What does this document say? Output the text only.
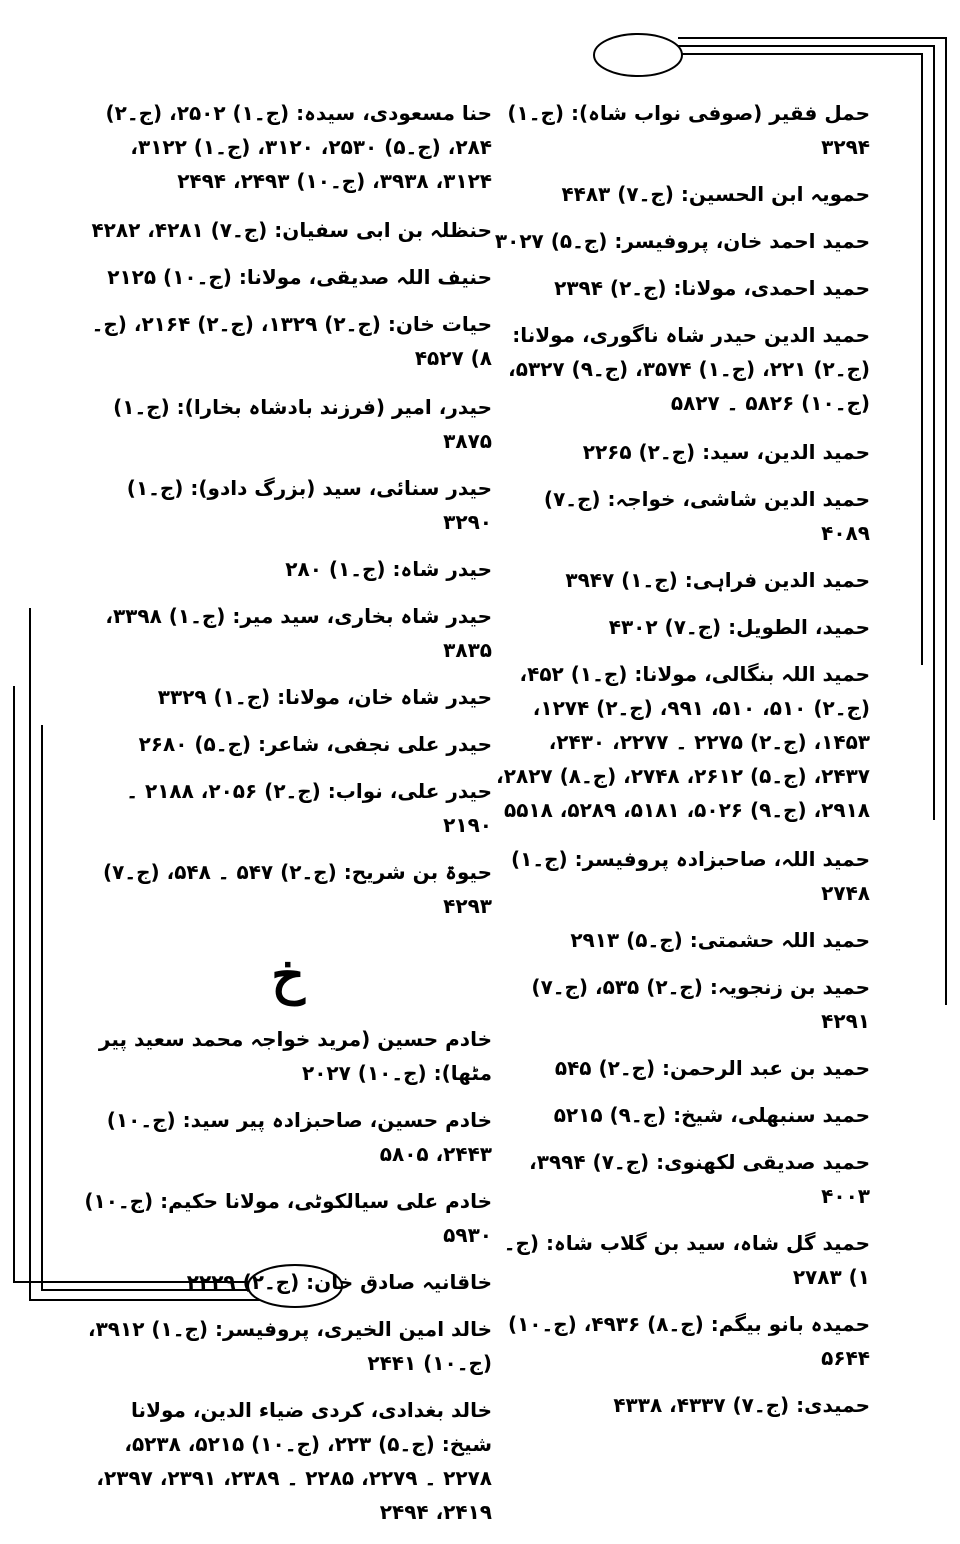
حمل فقیر (صوفی نواب شاہ): (ج۔۱) ۳۲۹۴
حمویہ ابن الحسین: (ج۔۷) ۴۴۸۳
حمید احمد خان، پروفیسر: (ج۔۵) ۳۰۲۷
حمید احمدی، مولانا: (ج۔۲) ۲۳۹۴
حمید الدین حیدر شاہ ناگوری، مولانا: (ج۔۲) ۲۲۱، (ج۔۱) ۳۵۷۴، (ج۔۹) ۵۳۲۷، (ج۔۱۰) ۵۸۲۶ ۔ ۵۸۲۷
حمید الدین، سید: (ج۔۲) ۲۲۶۵
حمید الدین شاشی، خواجہ: (ج۔۷) ۴۰۸۹
حمید الدین فراہی: (ج۔۱) ۳۹۴۷
حمید، الطویل: (ج۔۷) ۴۳۰۲
حمید اللہ بنگالی، مولانا: (ج۔۱) ۴۵۲، (ج۔۲) ۵۱۰، ۵۱۰، ۹۹۱، (ج۔۲) ۱۲۷۴، ۱۴۵۳، (ج۔۲) ۲۲۷۵ ۔ ۲۲۷۷، ۲۴۳۰، ۲۴۳۷، (ج۔۵) ۲۶۱۲، ۲۷۴۸، (ج۔۸) ۲۸۲۷، ۲۹۱۸، (ج۔۹) ۵۰۲۶، ۵۱۸۱، ۵۲۸۹، ۵۵۱۸
حمید اللہ، صاحبزادہ پروفیسر: (ج۔۱) ۲۷۴۸
حمید اللہ حشمتی: (ج۔۵) ۲۹۱۳
حمید بن زنجویہ: (ج۔۲) ۵۳۵، (ج۔۷) ۴۲۹۱
حمید بن عبد الرحمن: (ج۔۲) ۵۴۵
حمید سنبھلی، شیخ: (ج۔۹) ۵۲۱۵
حمید صدیقی لکھنوی: (ج۔۷) ۳۹۹۴، ۴۰۰۳
حمید گل شاہ، سید بن گلاب شاہ: (ج۔۱) ۲۷۸۳
حمیدہ بانو بیگم: (ج۔۸) ۴۹۳۶، (ج۔۱۰) ۵۶۴۴
حمیدی: (ج۔۷) ۴۳۳۷، ۴۳۳۸
حنا مسعودی، سیدہ: (ج۔۱) ۲۵۰۲، (ج۔۲) ۲۸۴، (ج۔۵) ۲۵۳۰، ۳۱۲۰، (ج۔۱) ۳۱۲۲، ۳۱۲۴، ۳۹۳۸، (ج۔۱۰) ۲۴۹۳، ۲۴۹۴
حنظلہ بن ابی سفیان: (ج۔۷) ۴۲۸۱، ۴۲۸۲
حنیف اللہ صدیقی، مولانا: (ج۔۱۰) ۲۱۲۵
حیات خان: (ج۔۲) ۱۳۲۹، (ج۔۲) ۲۱۶۴، (ج۔۸) ۴۵۲۷
حیدر، امیر (فرزند بادشاہ بخارا): (ج۔۱) ۳۸۷۵
حیدر سنائی، سید (بزرگ دادو): (ج۔۱) ۳۲۹۰
حیدر شاہ: (ج۔۱) ۲۸۰
حیدر شاہ بخاری، سید میر: (ج۔۱) ۳۳۹۸، ۳۸۳۵
حیدر شاہ خان، مولانا: (ج۔۱) ۳۳۲۹
حیدر علی نجفی، شاعر: (ج۔۵) ۲۶۸۰
حیدر علی، نواب: (ج۔۲) ۲۰۵۶، ۲۱۸۸ ۔ ۲۱۹۰
حیوۃ بن شریح: (ج۔۲) ۵۴۷ ۔ ۵۴۸، (ج۔۷) ۴۲۹۳
خ
خادم حسین (مرید خواجہ محمد سعید پیر مٹھا): (ج۔۱۰) ۲۰۲۷
خادم حسین، صاحبزادہ پیر سید: (ج۔۱۰) ۲۴۴۳، ۵۸۰۵
خادم علی سیالکوٹی، مولانا حکیم: (ج۔۱۰) ۵۹۳۰
خاقانیہ صادق خان: (ج۔۲) ۲۲۲۹
خالد امین الخیری، پروفیسر: (ج۔۱) ۳۹۱۲، (ج۔۱۰) ۲۴۴۱
خالد بغدادی، کردی ضیاء الدین، مولانا شیخ: (ج۔۵) ۲۲۳، (ج۔۱۰) ۵۲۱۵، ۵۲۳۸، ۲۲۷۸ ۔ ۲۲۷۹، ۲۲۸۵ ۔ ۲۳۸۹، ۲۳۹۱، ۲۳۹۷، ۲۴۱۹، ۲۴۹۴
